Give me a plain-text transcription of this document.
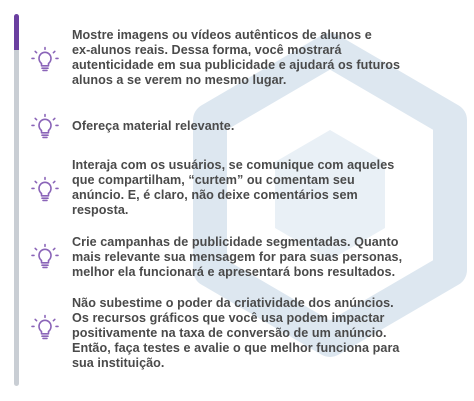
Mostre imagens ou vídeos autênticos de alunos e
ex-alunos reais. Dessa forma, você mostrará
autenticidade em sua publicidade e ajudará os futuros
alunos a se verem no mesmo lugar.
Ofereça material relevante.
Interaja com os usuários, se comunique com aqueles
que compartilham, “curtem” ou comentam seu
anúncio. E, é claro, não deixe comentários sem
resposta.
Crie campanhas de publicidade segmentadas. Quanto
mais relevante sua mensagem for para suas personas,
melhor ela funcionará e apresentará bons resultados.
Não subestime o poder da criatividade dos anúncios.
Os recursos gráficos que você usa podem impactar
positivamente na taxa de conversão de um anúncio.
Então, faça testes e avalie o que melhor funciona para
sua instituição.
